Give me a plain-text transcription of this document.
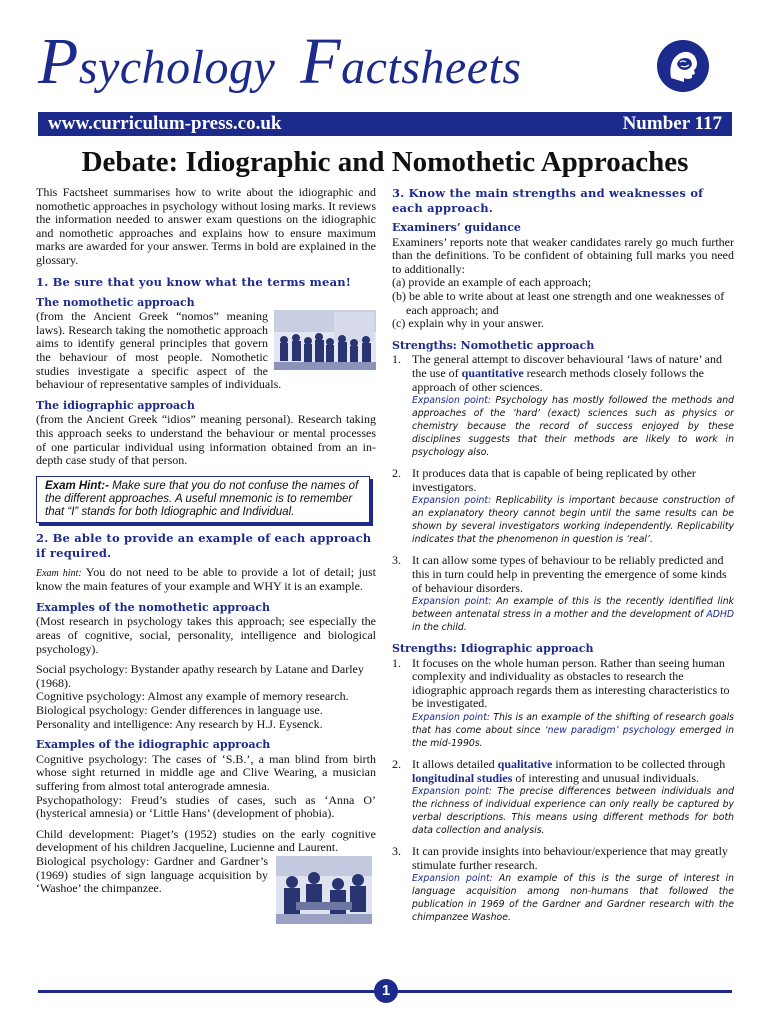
Psychology Factsheets
www.curriculum-press.co.uk	Number 117
Debate: Idiographic and Nomothetic Approaches

This Factsheet summarises how to write about the idiographic and nomothetic approaches in psychology without losing marks. It reviews the information needed to answer exam questions on the idiographic and nomothetic approaches and explains how to ensure maximum marks are awarded for your answer. Terms in bold are explained in the glossary.

1. Be sure that you know what the terms mean!
The nomothetic approach

(from the Ancient Greek “nomos” meaning laws). Research taking the nomothetic approach aims to identify general principles that govern the behaviour of most people. Nomothetic studies investigate a specific aspect of the behaviour of representative samples of individuals.

The idiographic approach

(from the Ancient Greek “idios” meaning personal). Research taking this approach seeks to understand the behaviour or mental processes of one particular individual using information obtained from an in-depth case study of that person.

Exam Hint:- Make sure that you do not confuse the names of the different approaches. A useful mnemonic is to remember that “I” stands for both Idiographic and Individual.
2. Be able to provide an example of each approach if required.

Exam hint: You do not need to be able to provide a lot of detail; just know the main features of your example and WHY it is an example.

Examples of the nomothetic approach

(Most research in psychology takes this approach; see especially the areas of cognitive, social, personality, intelligence and biological psychology).

Social psychology: Bystander apathy research by Latane and Darley (1968).
Cognitive psychology: Almost any example of memory research.
Biological psychology: Gender differences in language use.
Personality and intelligence: Any research by H.J. Eysenck.
Examples of the idiographic approach

Cognitive psychology: The cases of ‘S.B.’, a man blind from birth whose sight returned in middle age and Clive Wearing, a musician suffering from almost total anterograde amnesia.

Psychopathology: Freud’s studies of cases, such as ‘Anna O’ (hysterical amnesia) or ‘Little Hans’ (development of phobia).

Child development: Piaget’s (1952) studies on the early cognitive development of his children Jacqueline, Lucienne and Laurent.

Biological psychology: Gardner and Gardner’s (1969) studies of sign language acquisition by ‘Washoe’ the chimpanzee.

3. Know the main strengths and weaknesses of each approach.
Examiners’ guidance

Examiners’ reports note that weaker candidates rarely go much further than the definitions. To be confident of obtaining full marks you need to additionally:

(a) provide an example of each approach;
(b) be able to write about at least one strength and one weaknesses of each approach; and
(c) explain why in your answer.
Strengths: Nomothetic approach
1. The general attempt to discover behavioural ‘laws of nature’ and the use of quantitative research methods closely follows the approach of other sciences.
Expansion point: Psychology has mostly followed the methods and approaches of the ‘hard’ (exact) sciences such as physics or chemistry because the record of success enjoyed by these disciplines suggests that their methods are likely to work in psychology also.
2. It produces data that is capable of being replicated by other investigators.
Expansion point: Replicability is important because construction of an explanatory theory cannot begin until the same results can be shown by several investigators working independently. Replicability indicates that the phenomenon in question is ‘real’.
3. It can allow some types of behaviour to be reliably predicted and this in turn could help in preventing the emergence of some kinds of behaviour disorders.
Expansion point: An example of this is the recently identified link between antenatal stress in a mother and the development of ADHD in the child.
Strengths: Idiographic approach
1. It focuses on the whole human person. Rather than seeing human complexity and individuality as obstacles to research the idiographic approach regards them as interesting characteristics to be investigated.
Expansion point: This is an example of the shifting of research goals that has come about since ‘new paradigm’ psychology emerged in the mid-1990s.
2. It allows detailed qualitative information to be collected through longitudinal studies of interesting and unusual individuals.
Expansion point: The precise differences between individuals and the richness of individual experience can only really be captured by verbal descriptions. This means using different methods for both data collection and analysis.
3. It can provide insights into behaviour/experience that may greatly stimulate further research.
Expansion point: An example of this is the surge of interest in language acquisition among non-humans that followed the publication in 1969 of the Gardner and Gardner research with the chimpanzee Washoe.
1
